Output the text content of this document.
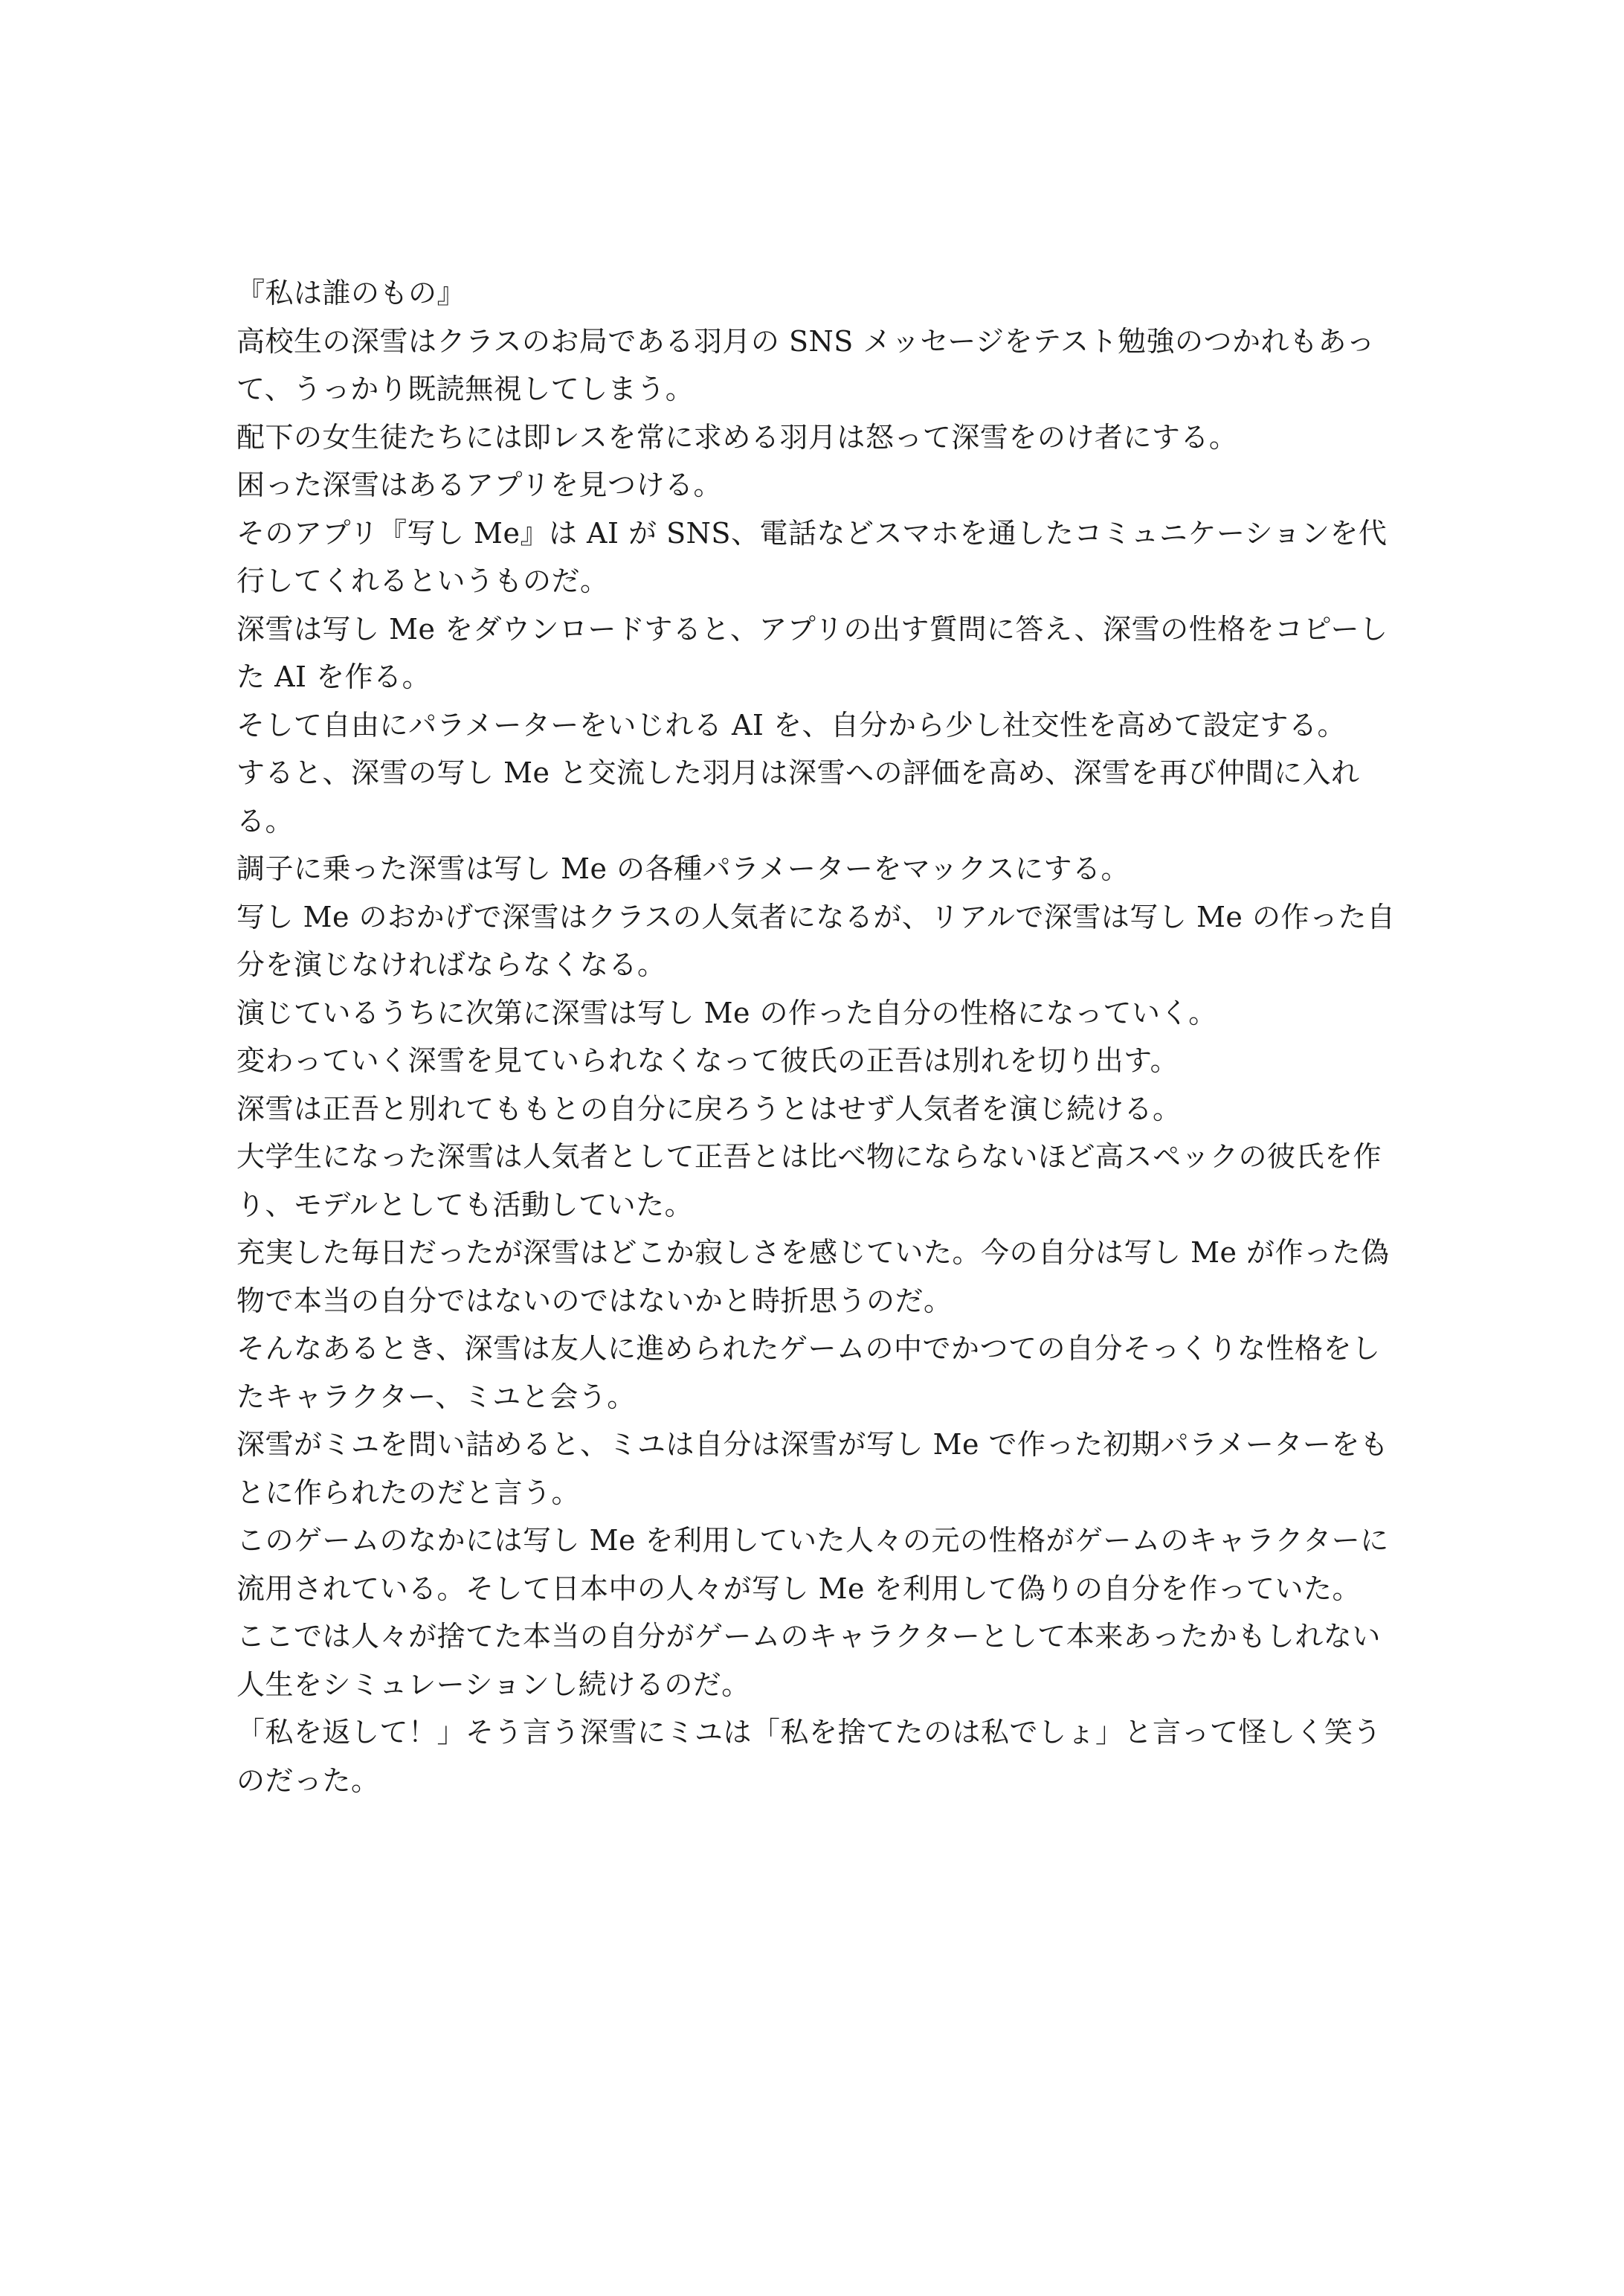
『私は誰のもの』

高校生の深雪はクラスのお局である羽月の SNS メッセージをテスト勉強のつかれもあって、うっかり既読無視してしまう。

配下の女生徒たちには即レスを常に求める羽月は怒って深雪をのけ者にする。

困った深雪はあるアプリを見つける。

そのアプリ『写し Me』は AI が SNS、電話などスマホを通したコミュニケーションを代行してくれるというものだ。

深雪は写し Me をダウンロードすると、アプリの出す質問に答え、深雪の性格をコピーした AI を作る。

そして自由にパラメーターをいじれる AI を、自分から少し社交性を高めて設定する。

すると、深雪の写し Me と交流した羽月は深雪への評価を高め、深雪を再び仲間に入れる。

調子に乗った深雪は写し Me の各種パラメーターをマックスにする。

写し Me のおかげで深雪はクラスの人気者になるが、リアルで深雪は写し Me の作った自分を演じなければならなくなる。

演じているうちに次第に深雪は写し Me の作った自分の性格になっていく。

変わっていく深雪を見ていられなくなって彼氏の正吾は別れを切り出す。

深雪は正吾と別れてももとの自分に戻ろうとはせず人気者を演じ続ける。

大学生になった深雪は人気者として正吾とは比べ物にならないほど高スペックの彼氏を作り、モデルとしても活動していた。

充実した毎日だったが深雪はどこか寂しさを感じていた。今の自分は写し Me が作った偽物で本当の自分ではないのではないかと時折思うのだ。

そんなあるとき、深雪は友人に進められたゲームの中でかつての自分そっくりな性格をしたキャラクター、ミユと会う。

深雪がミユを問い詰めると、ミユは自分は深雪が写し Me で作った初期パラメーターをもとに作られたのだと言う。

このゲームのなかには写し Me を利用していた人々の元の性格がゲームのキャラクターに流用されている。そして日本中の人々が写し Me を利用して偽りの自分を作っていた。

ここでは人々が捨てた本当の自分がゲームのキャラクターとして本来あったかもしれない人生をシミュレーションし続けるのだ。

「私を返して！」そう言う深雪にミユは「私を捨てたのは私でしょ」と言って怪しく笑うのだった。
